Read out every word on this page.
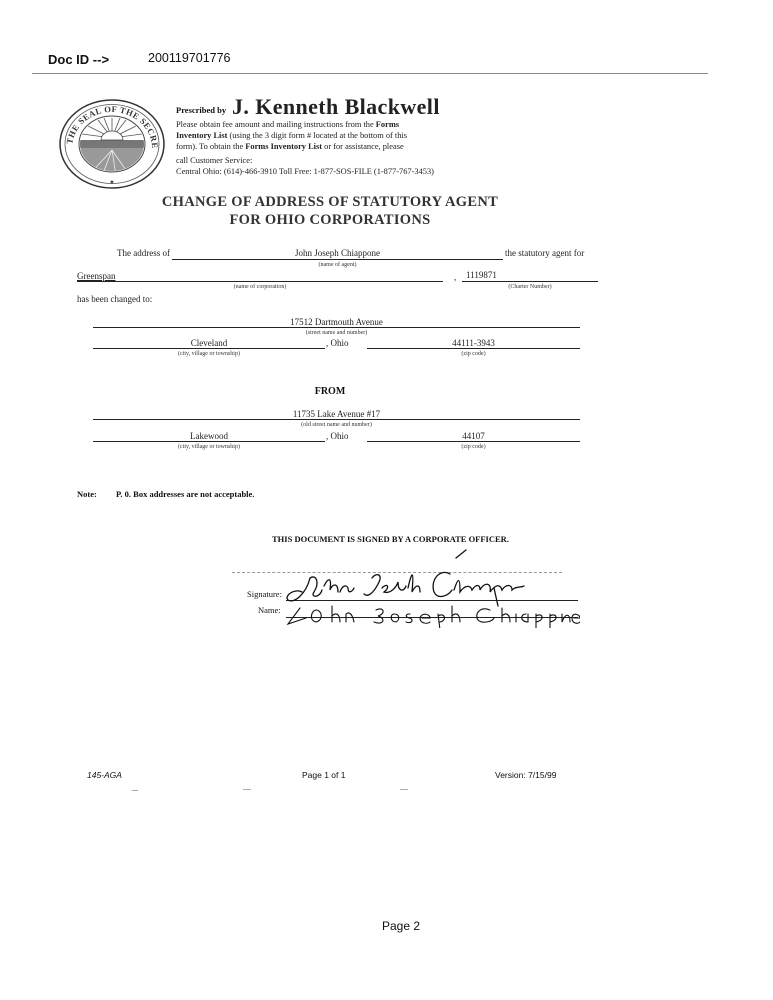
Doc ID -->	200119701776
THE SEAL OF THE SECRE
★
Prescribed by J. Kenneth Blackwell
Please obtain fee amount and mailing instructions from the Forms
Inventory List (using the 3 digit form # located at the bottom of this
form). To obtain the Forms Inventory List or for assistance, please
call Customer Service:
Central Ohio: (614)-466-3910 Toll Free: 1-877-SOS-FILE (1-877-767-3453)
CHANGE OF ADDRESS OF STATUTORY AGENT
FOR OHIO CORPORATIONS
The address of	John Joseph Chiappone
(name of agent)
the statutory agent for
Greenspan
(name of corporation)
, 1119871
(Charter Number)
has been changed to:
17512 Dartmouth Avenue
(street name and number)
Cleveland
(city, village or township)
, Ohio	44111-3943
(zip code)
FROM
11735 Lake Avenue #17
(old street name and number)
Lakewood
(city, village or township)
, Ohio	44107
(zip code)
Note: P. 0. Box addresses are not acceptable.
THIS DOCUMENT IS SIGNED BY A CORPORATE OFFICER.
Signature:
Name:
145-AGA	Page 1 of 1	Version: 7/15/99
Page 2
